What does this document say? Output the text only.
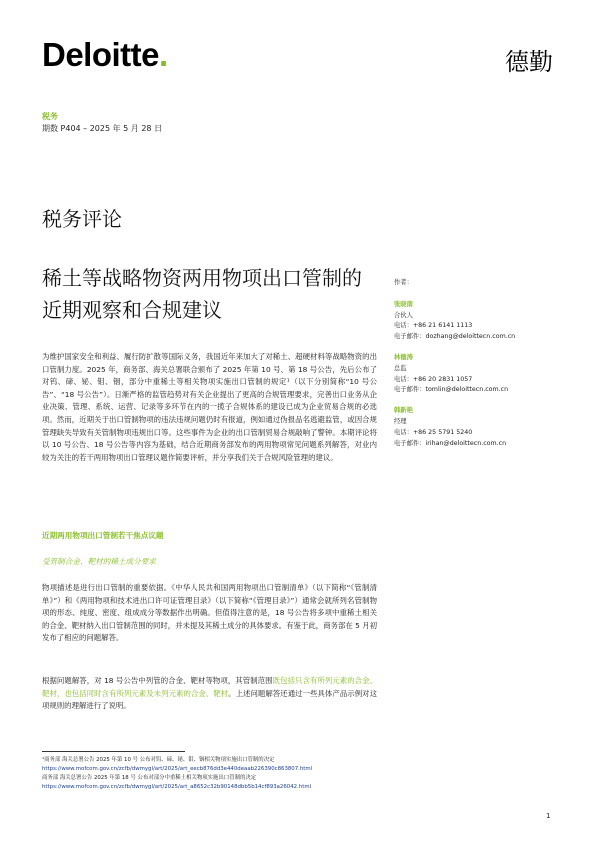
Deloitte.	德勤
税务
期数 P404 – 2025 年 5 月 28 日
税务评论
稀土等战略物资两用物项出口管制的近期观察和合规建议
为维护国家安全和利益、履行防扩散等国际义务，我国近年来加大了对稀土、超硬材料等战略物资的出口管制力度。2025 年，商务部、海关总署联合颁布了 2025 年第 10 号、第 18 号公告，先后公布了对钨、碲、铋、钼、铟，部分中重稀土等相关物项实施出口管制的规定¹（以下分别简称“10 号公告”、“18 号公告”）。日渐严格的监管趋势对有关企业提出了更高的合规管理要求，完善出口业务从企业决策、管理、系统、运营、记录等多环节在内的一揽子合规体系的建设已成为企业贸易合规的必选项。然而，近期关于出口管制物项的违法违规问题仍时有报道，例如通过伪报品名逃避监管，或因合规管理缺失导致有关管制物项违规出口等。这些事件为企业的出口管制贸易合规敲响了警钟。本期评论将以 10 号公告、18 号公告等内容为基础，结合近期商务部发布的两用物项常见问题系列解答，对业内较为关注的若干两用物项出口管理议题作简要评析，并分享我们关于合规风险管理的建议。
近期两用物项出口管制若干焦点议题
受管制合金、靶材的稀土成分要求
物项描述是进行出口管制的重要依据。《中华人民共和国两用物项出口管制清单》（以下简称“《管制清单》”）和《两用物项和技术进出口许可证管理目录》（以下简称“《管理目录》”）通常会就所列名管制物项的形态、纯度、密度、组成成分等数据作出明确。但值得注意的是，18 号公告将多项中重稀土相关的合金、靶材纳入出口管制范围的同时，并未提及其稀土成分的具体要求。有鉴于此，商务部在 5 月初发布了相应的问题解答。
根据问题解答，对 18 号公告中列管的合金、靶材等物项，其管制范围既包括只含有所列元素的合金、靶材，也包括同时含有所列元素及未列元素的合金、靶材。上述问题解答还通过一些具体产品示例对这项规则的理解进行了说明。
作者：
张晓南
合伙人
电话：+86 21 6141 1113
电子邮件：dozhang@deloittecn.com.cn
林德涛
总监
电话：+86 20 2831 1057
电子邮件：tomlin@deloittecn.com.cn
韩新艳
经理
电话：+86 25 5791 5240
电子邮件：irihan@deloittecn.com.cn
¹商务部 海关总署公告 2025 年第 10 号 公布对钨、碲、铋、钼、铟相关物项实施出口管制的决定
https://www.mofcom.gov.cn/zcfb/dwmygl/art/2025/art_eecb876dd3e440deaab226390c863807.html
商务部 海关总署公告 2025 年第 18 号 公布对部分中重稀土相关物项实施出口管制的决定
https://www.mofcom.gov.cn/zcfb/dwmygl/art/2025/art_a8652c32b90148dbb5b14cf893a26042.html
1
